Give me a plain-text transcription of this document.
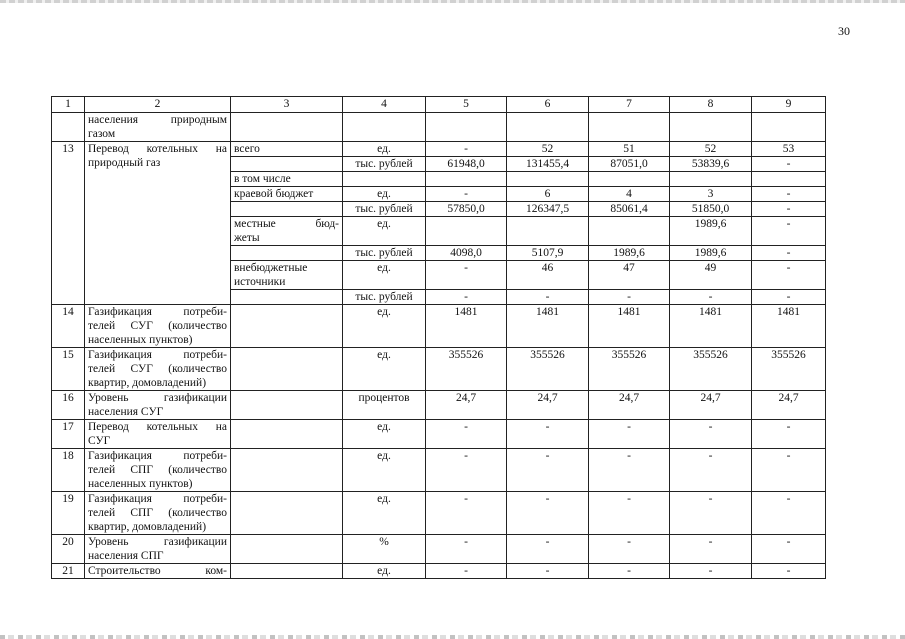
30
1	2	3	4	5	6	7	8	9

	населения природным
газом							

13	Перевод котельных на
природный газ	всего	ед.	-	52	51	52	53
			тыс. рублей	61948,0	131455,4	87051,0	53839,6	-
		в том числе						
		краевой бюджет	ед.	-	6	4	3	-
			тыс. рублей	57850,0	126347,5	85061,4	51850,0	-

		местные бюд-
жеты	ед.				1989,6	-
			тыс. рублей	4098,0	5107,9	1989,6	1989,6	-

		внебюджетные
источники	ед.	-	46	47	49	-
			тыс. рублей	-	-	-	-	-
14	Газификация потреби-
телей СУГ (количество
населенных пунктов)		ед.	1481	1481	1481	1481	1481
15	Газификация потреби-
телей СУГ (количество
квартир, домовладений)		ед.	355526	355526	355526	355526	355526
16	Уровень газификации
населения СУГ		процентов	24,7	24,7	24,7	24,7	24,7
17	Перевод котельных на
СУГ		ед.	-	-	-	-	-
18	Газификация потреби-
телей СПГ (количество
населенных пунктов)		ед.	-	-	-	-	-
19	Газификация потреби-
телей СПГ (количество
квартир, домовладений)		ед.	-	-	-	-	-
20	Уровень газификации
населения СПГ		%	-	-	-	-	-
21	Строительство ком-		ед.	-	-	-	-	-
